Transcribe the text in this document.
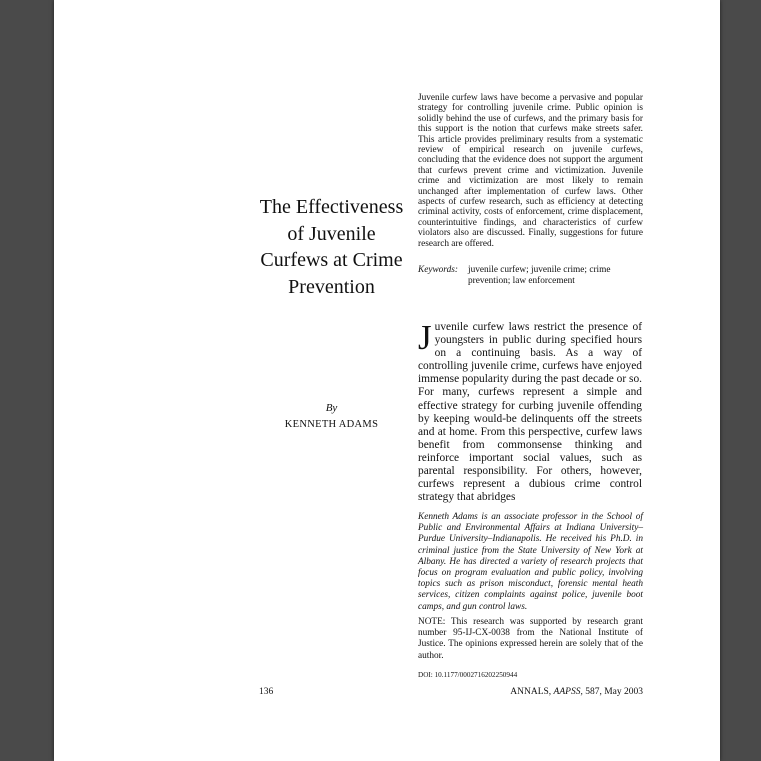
The Effectiveness of Juvenile Curfews at Crime Prevention
By
KENNETH ADAMS
Juvenile curfew laws have become a pervasive and popular strategy for controlling juvenile crime. Public opinion is solidly behind the use of curfews, and the primary basis for this support is the notion that curfews make streets safer. This article provides preliminary results from a systematic review of empirical research on juvenile curfews, concluding that the evidence does not support the argument that curfews prevent crime and victimization. Juvenile crime and victimization are most likely to remain unchanged after implementation of curfew laws. Other aspects of curfew research, such as efficiency at detecting criminal activity, costs of enforcement, crime displacement, counterintuitive findings, and characteristics of curfew violators also are discussed. Finally, suggestions for future research are offered.
Keywords:	juvenile curfew; juvenile crime; crime prevention; law enforcement
Juvenile curfew laws restrict the presence of youngsters in public during specified hours on a continuing basis. As a way of controlling juvenile crime, curfews have enjoyed immense popularity during the past decade or so. For many, curfews represent a simple and effective strategy for curbing juvenile offending by keeping would-be delinquents off the streets and at home. From this perspective, curfew laws benefit from commonsense thinking and reinforce important social values, such as parental responsibility. For others, however, curfews represent a dubious crime control strategy that abridges
Kenneth Adams is an associate professor in the School of Public and Environmental Affairs at Indiana University–Purdue University–Indianapolis. He received his Ph.D. in criminal justice from the State University of New York at Albany. He has directed a variety of research projects that focus on program evaluation and public policy, involving topics such as prison misconduct, forensic mental heath services, citizen complaints against police, juvenile boot camps, and gun control laws.
NOTE: This research was supported by research grant number 95-IJ-CX-0038 from the National Institute of Justice. The opinions expressed herein are solely that of the author.
DOI: 10.1177/0002716202250944
136	ANNALS, AAPSS, 587, May 2003
